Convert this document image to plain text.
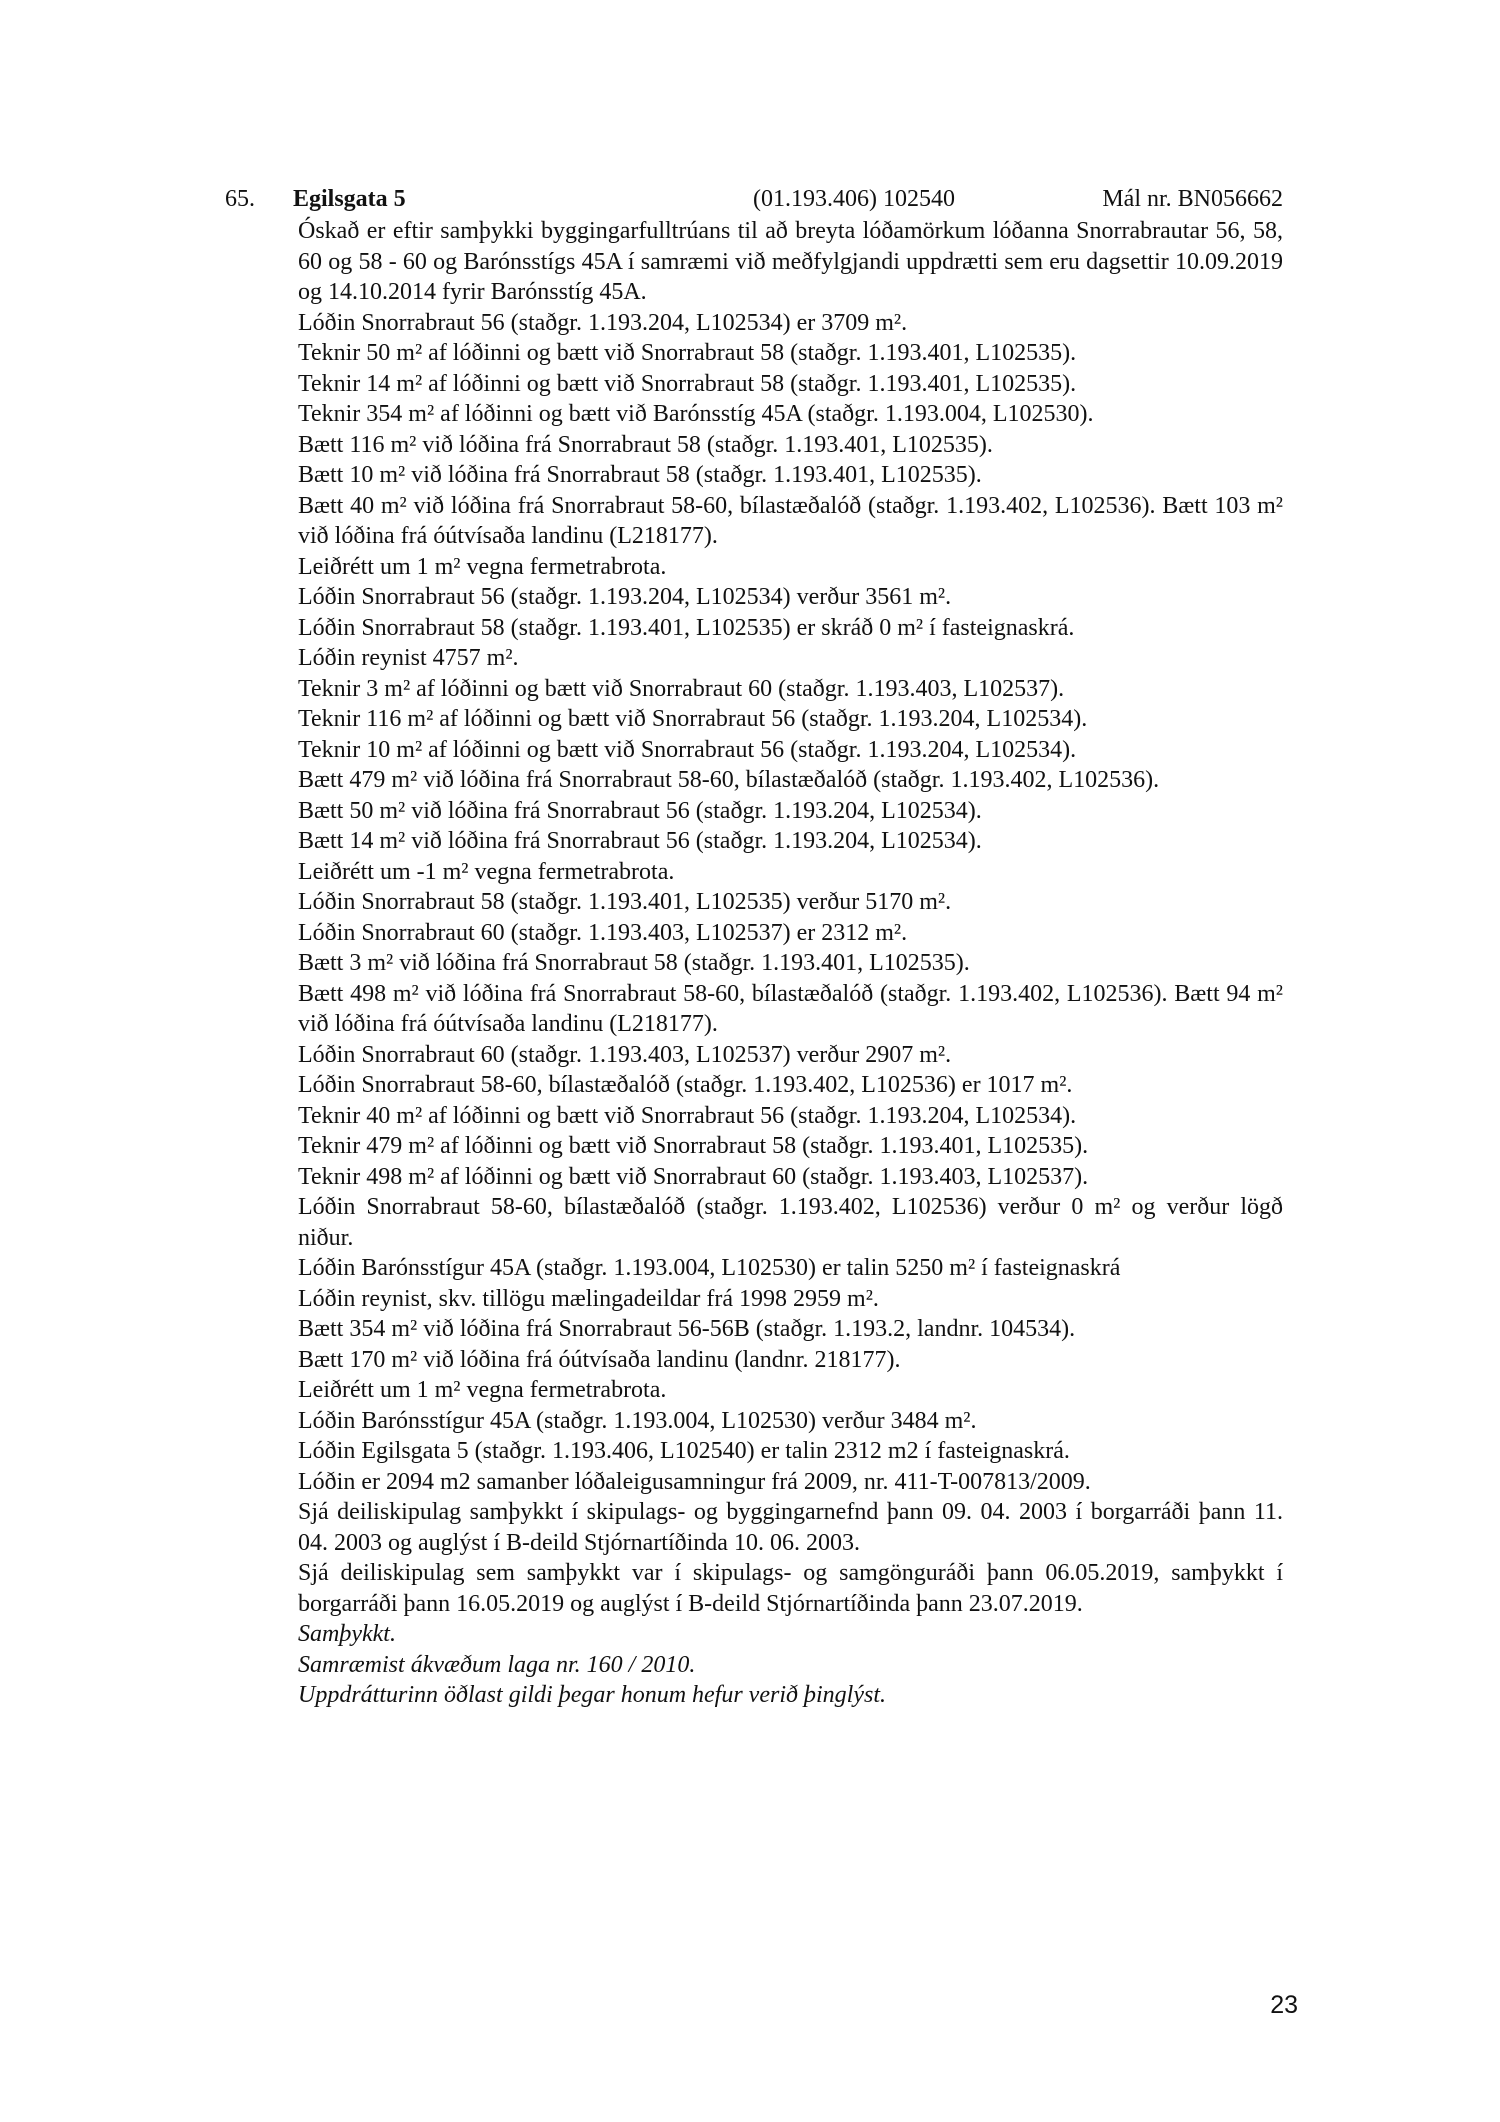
65. Egilsgata 5	(01.193.406) 102540	Mál nr. BN056662

Óskað er eftir samþykki byggingarfulltrúans til að breyta lóðamörkum lóðanna Snorrabrautar 56, 58, 60 og 58 - 60 og Barónsstígs 45A í samræmi við meðfylgjandi uppdrætti sem eru dagsettir 10.09.2019 og 14.10.2014 fyrir Barónsstíg 45A.

Lóðin Snorrabraut 56 (staðgr. 1.193.204, L102534) er 3709 m².

Teknir 50 m² af lóðinni og bætt við Snorrabraut 58 (staðgr. 1.193.401, L102535).

Teknir 14 m² af lóðinni og bætt við Snorrabraut 58 (staðgr. 1.193.401, L102535).

Teknir 354 m² af lóðinni og bætt við Barónsstíg 45A (staðgr. 1.193.004, L102530).

Bætt 116 m² við lóðina frá Snorrabraut 58 (staðgr. 1.193.401, L102535).

Bætt 10 m² við lóðina frá Snorrabraut 58 (staðgr. 1.193.401, L102535).

Bætt 40 m² við lóðina frá Snorrabraut 58-60, bílastæðalóð (staðgr. 1.193.402, L102536). Bætt 103 m² við lóðina frá óútvísaða landinu (L218177).

Leiðrétt um 1 m² vegna fermetrabrota.

Lóðin Snorrabraut 56 (staðgr. 1.193.204, L102534) verður 3561 m².

Lóðin Snorrabraut 58 (staðgr. 1.193.401, L102535) er skráð 0 m² í fasteignaskrá.

Lóðin reynist 4757 m².

Teknir 3 m² af lóðinni og bætt við Snorrabraut 60 (staðgr. 1.193.403, L102537).

Teknir 116 m² af lóðinni og bætt við Snorrabraut 56 (staðgr. 1.193.204, L102534).

Teknir 10 m² af lóðinni og bætt við Snorrabraut 56 (staðgr. 1.193.204, L102534).

Bætt 479 m² við lóðina frá Snorrabraut 58-60, bílastæðalóð (staðgr. 1.193.402, L102536).

Bætt 50 m² við lóðina frá Snorrabraut 56 (staðgr. 1.193.204, L102534).

Bætt 14 m² við lóðina frá Snorrabraut 56 (staðgr. 1.193.204, L102534).

Leiðrétt um -1 m² vegna fermetrabrota.

Lóðin Snorrabraut 58 (staðgr. 1.193.401, L102535) verður 5170 m².

Lóðin Snorrabraut 60 (staðgr. 1.193.403, L102537) er 2312 m².

Bætt 3 m² við lóðina frá Snorrabraut 58 (staðgr. 1.193.401, L102535).

Bætt 498 m² við lóðina frá Snorrabraut 58-60, bílastæðalóð (staðgr. 1.193.402, L102536). Bætt 94 m² við lóðina frá óútvísaða landinu (L218177).

Lóðin Snorrabraut 60 (staðgr. 1.193.403, L102537) verður 2907 m².

Lóðin Snorrabraut 58-60, bílastæðalóð (staðgr. 1.193.402, L102536) er 1017 m².

Teknir 40 m² af lóðinni og bætt við Snorrabraut 56 (staðgr. 1.193.204, L102534).

Teknir 479 m² af lóðinni og bætt við Snorrabraut 58 (staðgr. 1.193.401, L102535).

Teknir 498 m² af lóðinni og bætt við Snorrabraut 60 (staðgr. 1.193.403, L102537).

Lóðin Snorrabraut 58-60, bílastæðalóð (staðgr. 1.193.402, L102536) verður 0 m² og verður lögð niður.

Lóðin Barónsstígur 45A (staðgr. 1.193.004, L102530) er talin 5250 m² í fasteignaskrá

Lóðin reynist, skv. tillögu mælingadeildar frá 1998 2959 m².

Bætt 354 m² við lóðina frá Snorrabraut 56-56B (staðgr. 1.193.2, landnr. 104534).

Bætt 170 m² við lóðina frá óútvísaða landinu (landnr. 218177).

Leiðrétt um 1 m² vegna fermetrabrota.

Lóðin Barónsstígur 45A (staðgr. 1.193.004, L102530) verður 3484 m².

Lóðin Egilsgata 5 (staðgr. 1.193.406, L102540) er talin 2312 m2 í fasteignaskrá.

Lóðin er 2094 m2 samanber lóðaleigusamningur frá 2009, nr. 411-T-007813/2009.

Sjá deiliskipulag samþykkt í skipulags- og byggingarnefnd þann 09. 04. 2003 í borgarráði þann 11. 04. 2003 og auglýst í B-deild Stjórnartíðinda 10. 06. 2003.

Sjá deiliskipulag sem samþykkt var í skipulags- og samgönguráði þann 06.05.2019, samþykkt í borgarráði þann 16.05.2019 og auglýst í B-deild Stjórnartíðinda þann 23.07.2019.

Samþykkt.

Samræmist ákvæðum laga nr. 160 / 2010.

Uppdrátturinn öðlast gildi þegar honum hefur verið þinglýst.

23
